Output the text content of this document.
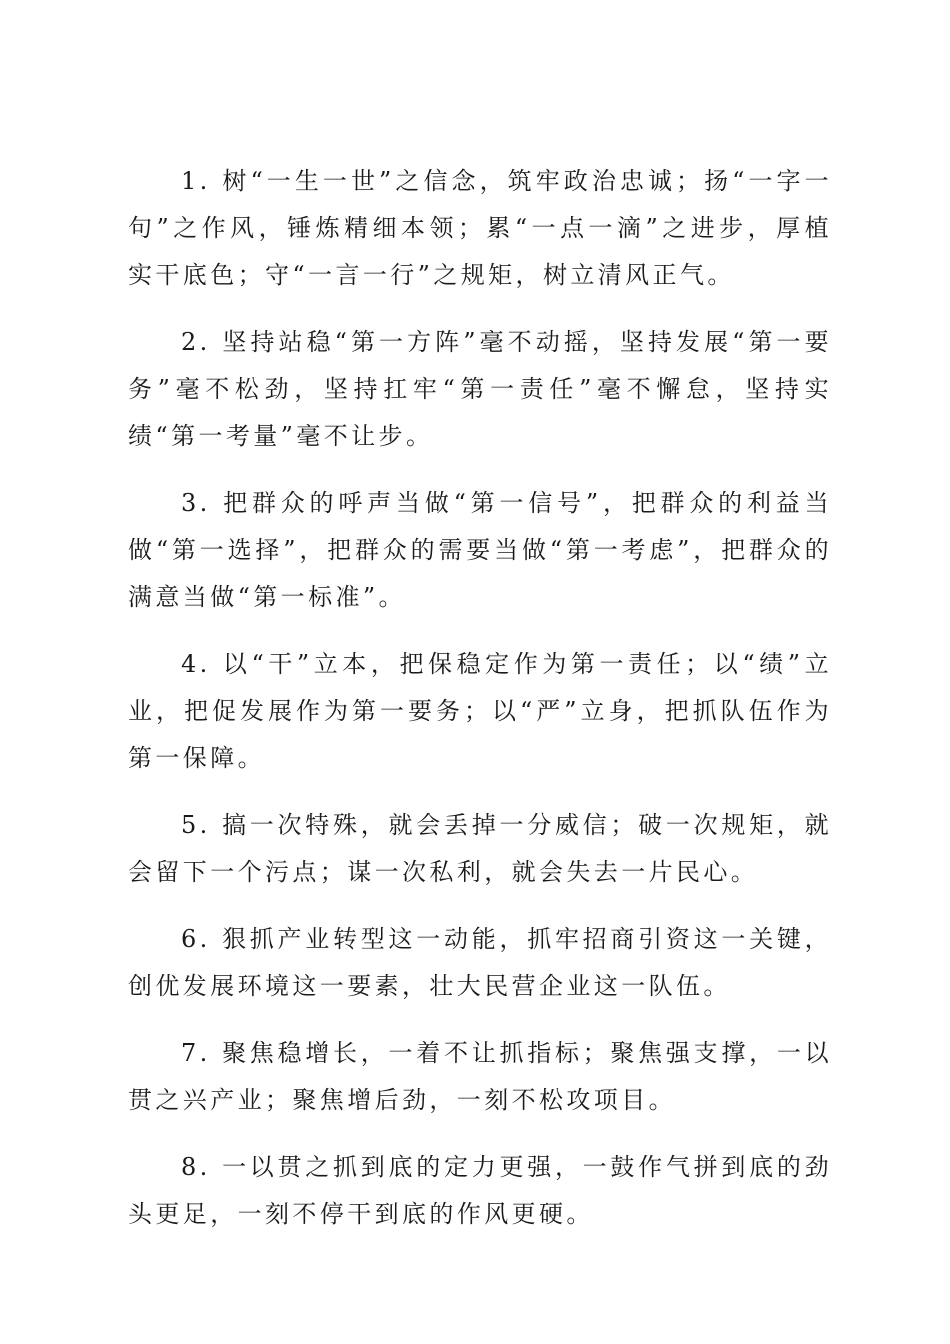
1. 树“一生一世”之信念，筑牢政治忠诚；扬“一字一句”之作风，锤炼精细本领；累“一点一滴”之进步，厚植实干底色；守“一言一行”之规矩，树立清风正气。

2. 坚持站稳“第一方阵”毫不动摇，坚持发展“第一要务”毫不松劲，坚持扛牢“第一责任”毫不懈怠，坚持实绩“第一考量”毫不让步。

3. 把群众的呼声当做“第一信号”，把群众的利益当做“第一选择”，把群众的需要当做“第一考虑”，把群众的满意当做“第一标准”。

4. 以“干”立本，把保稳定作为第一责任；以“绩”立业，把促发展作为第一要务；以“严”立身，把抓队伍作为第一保障。

5. 搞一次特殊，就会丢掉一分威信；破一次规矩，就会留下一个污点；谋一次私利，就会失去一片民心。

6. 狠抓产业转型这一动能，抓牢招商引资这一关键，创优发展环境这一要素，壮大民营企业这一队伍。

7. 聚焦稳增长，一着不让抓指标；聚焦强支撑，一以贯之兴产业；聚焦增后劲，一刻不松攻项目。

8. 一以贯之抓到底的定力更强，一鼓作气拼到底的劲头更足，一刻不停干到底的作风更硬。
